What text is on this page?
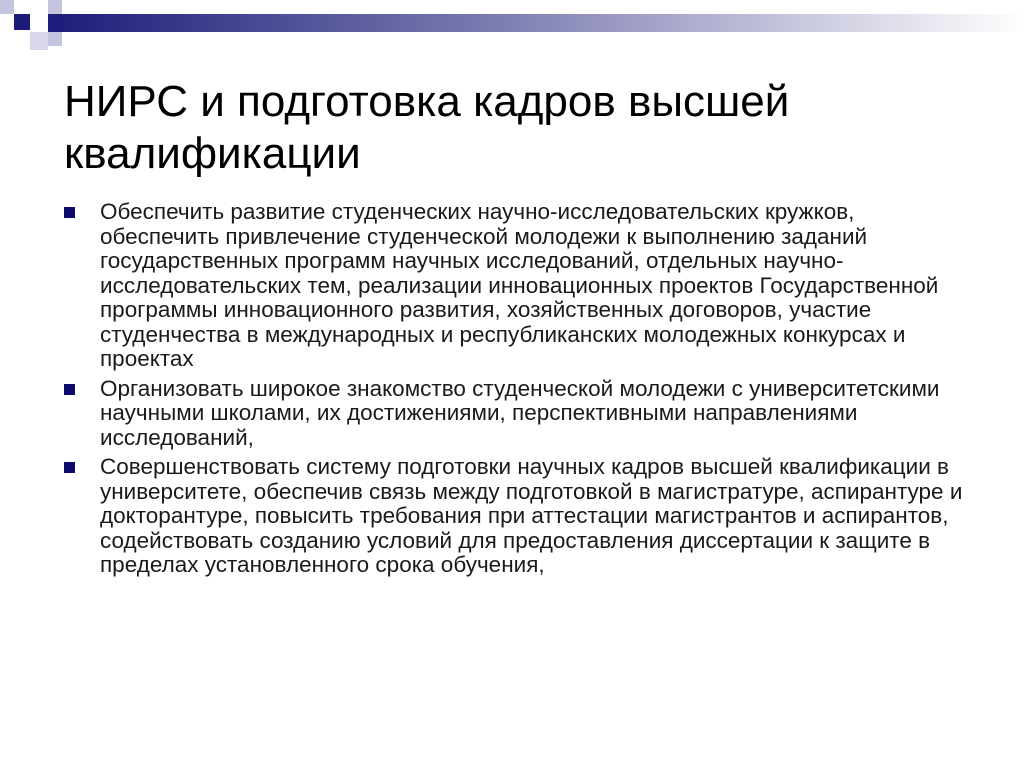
НИРС и подготовка кадров высшей квалификации
Обеспечить развитие студенческих научно-исследовательских кружков, обеспечить привлечение студенческой молодежи к выполнению заданий государственных программ научных исследований, отдельных научно-исследовательских тем, реализации инновационных проектов Государственной программы инновационного развития, хозяйственных договоров, участие студенчества в международных и республиканских молодежных конкурсах и проектах
Организовать широкое знакомство студенческой молодежи с университетскими научными школами, их достижениями, перспективными направлениями исследований,
Совершенствовать систему подготовки научных кадров высшей квалификации в университете, обеспечив связь между подготовкой в магистратуре, аспирантуре и докторантуре, повысить требования при аттестации магистрантов и аспирантов, содействовать созданию условий для предоставления диссертации к защите в пределах установленного срока обучения,
